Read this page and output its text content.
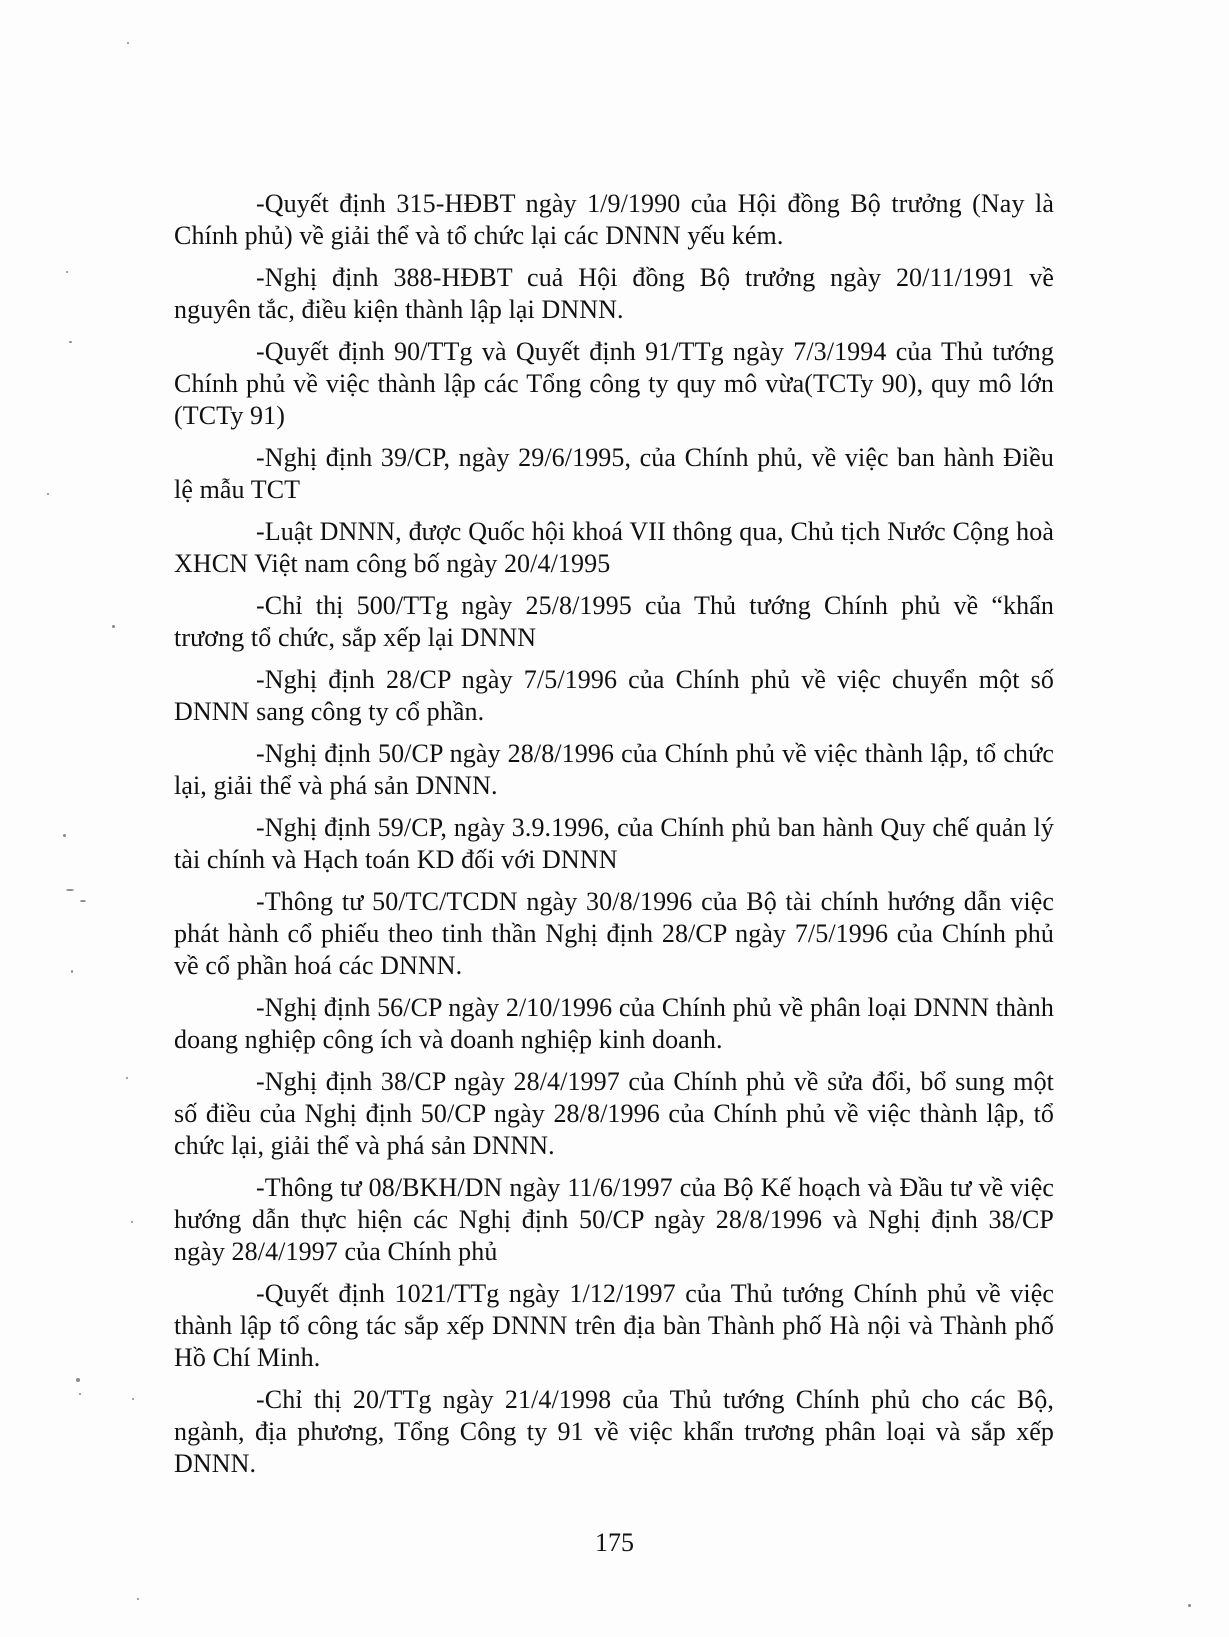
-Quyết định 315-HĐBT ngày 1/9/1990 của Hội đồng Bộ trưởng (Nay là Chính phủ) về giải thể và tổ chức lại các DNNN yếu kém.

-Nghị định 388-HĐBT cuả Hội đồng Bộ trưởng ngày 20/11/1991 về nguyên tắc, điều kiện thành lập lại DNNN.

-Quyết định 90/TTg và Quyết định 91/TTg ngày 7/3/1994 của Thủ tướng Chính phủ về việc thành lập các Tổng công ty quy mô vừa(TCTy 90), quy mô lớn (TCTy 91)

-Nghị định 39/CP, ngày 29/6/1995, của Chính phủ, về việc ban hành Điều lệ mẫu TCT

-Luật DNNN, được Quốc hội khoá VII thông qua, Chủ tịch Nước Cộng hoà XHCN Việt nam công bố ngày 20/4/1995

-Chỉ thị 500/TTg ngày 25/8/1995 của Thủ tướng Chính phủ về “khẩn trương tổ chức, sắp xếp lại DNNN

-Nghị định 28/CP ngày 7/5/1996 của Chính phủ về việc chuyển một số DNNN sang công ty cổ phần.

-Nghị định 50/CP ngày 28/8/1996 của Chính phủ về việc thành lập, tổ chức lại, giải thể và phá sản DNNN.

-Nghị định 59/CP, ngày 3.9.1996, của Chính phủ ban hành Quy chế quản lý tài chính và Hạch toán KD đối với DNNN

-Thông tư 50/TC/TCDN ngày 30/8/1996 của Bộ tài chính hướng dẫn việc phát hành cổ phiếu theo tinh thần Nghị định 28/CP ngày 7/5/1996 của Chính phủ về cổ phần hoá các DNNN.

-Nghị định 56/CP ngày 2/10/1996 của Chính phủ về phân loại DNNN thành doang nghiệp công ích và doanh nghiệp kinh doanh.

-Nghị định 38/CP ngày 28/4/1997 của Chính phủ về sửa đổi, bổ sung một số điều của Nghị định 50/CP ngày 28/8/1996 của Chính phủ về việc thành lập, tổ chức lại, giải thể và phá sản DNNN.

-Thông tư 08/BKH/DN ngày 11/6/1997 của Bộ Kế hoạch và Đầu tư về việc hướng dẫn thực hiện các Nghị định 50/CP ngày 28/8/1996 và Nghị định 38/CP ngày 28/4/1997 của Chính phủ

-Quyết định 1021/TTg ngày 1/12/1997 của Thủ tướng Chính phủ về việc thành lập tổ công tác sắp xếp DNNN trên địa bàn Thành phố Hà nội và Thành phố Hồ Chí Minh.

-Chỉ thị 20/TTg ngày 21/4/1998 của Thủ tướng Chính phủ cho các Bộ, ngành, địa phương, Tổng Công ty 91 về việc khẩn trương phân loại và sắp xếp DNNN.

175
